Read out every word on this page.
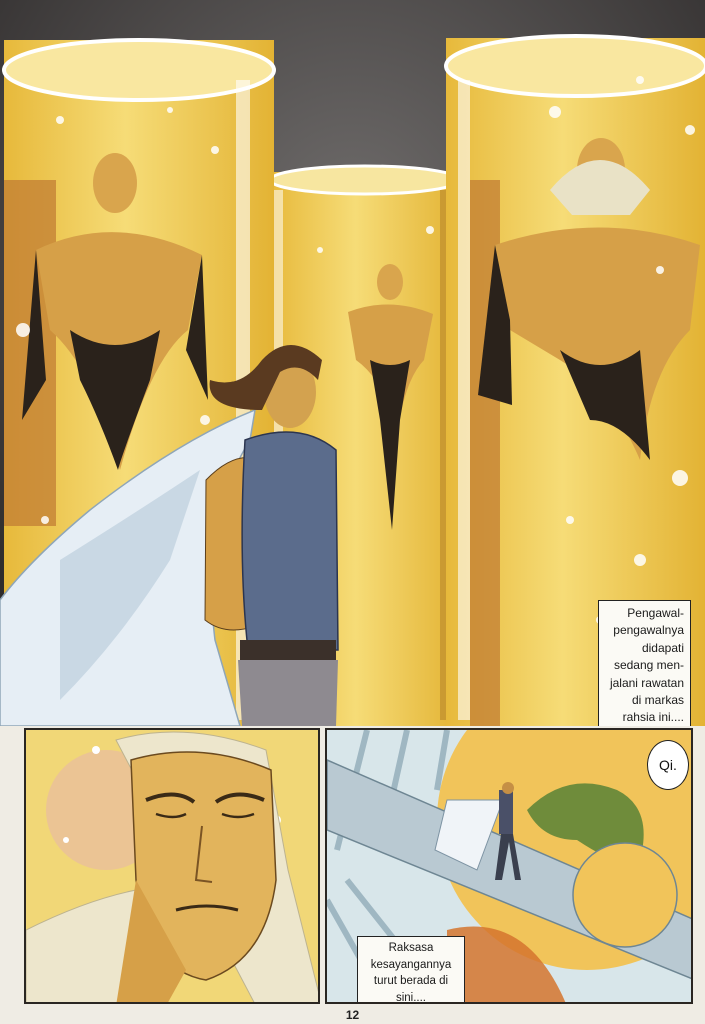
Pengawal-
pengawalnya
didapati
sedang men-
jalani rawatan
di markas
rahsia ini....
Qi.
Raksasa
kesayangannya
turut berada di
sini....
12
